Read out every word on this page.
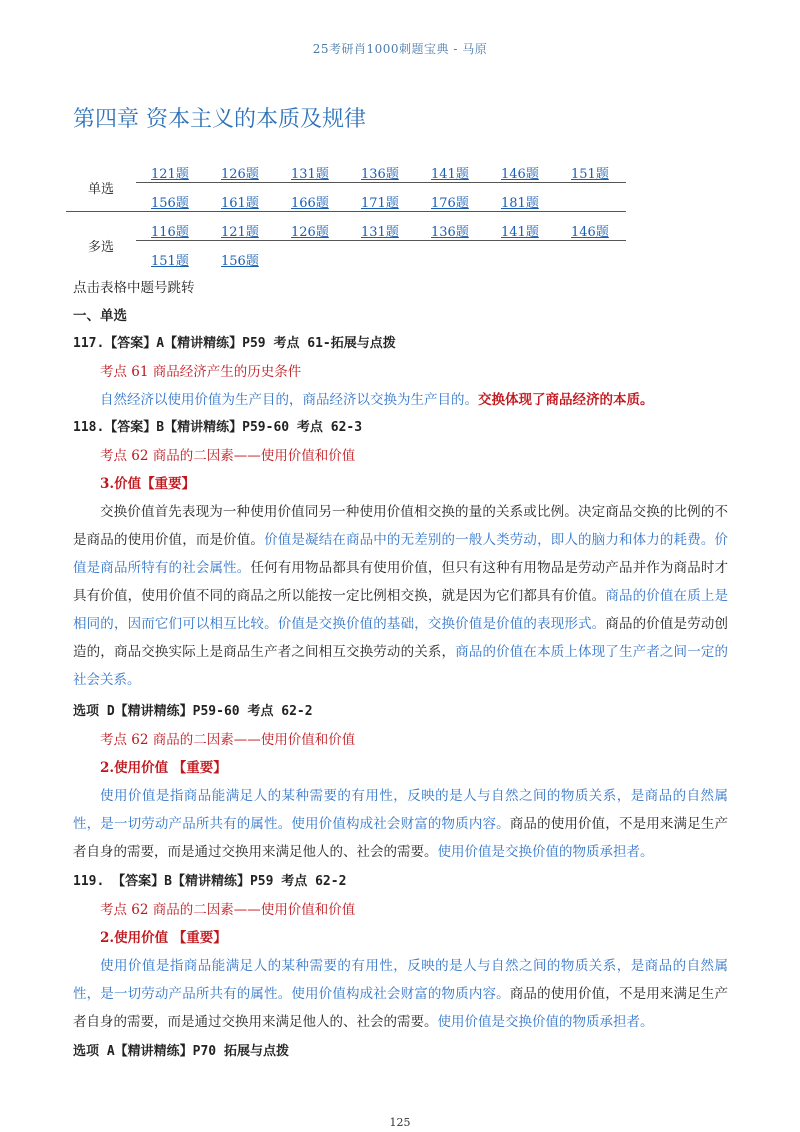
25考研肖1000刺题宝典 - 马原
第四章 资本主义的本质及规律
单选	121题	126题	131题	136题	141题	146题	151题
	156题	161题	166题	171题	176题	181题	
多选	116题	121题	126题	131题	136题	141题	146题
	151题	156题					
点击表格中题号跳转
一、单选
117.【答案】A【精讲精练】P59 考点 61-拓展与点拨
考点 61 商品经济产生的历史条件
自然经济以使用价值为生产目的，商品经济以交换为生产目的。交换体现了商品经济的本质。
118.【答案】B【精讲精练】P59-60 考点 62-3
考点 62 商品的二因素——使用价值和价值
3.价值【重要】
交换价值首先表现为一种使用价值同另一种使用价值相交换的量的关系或比例。决定商品交换的比例的不是商品的使用价值，而是价值。价值是凝结在商品中的无差别的一般人类劳动，即人的脑力和体力的耗费。价值是商品所特有的社会属性。任何有用物品都具有使用价值，但只有这种有用物品是劳动产品并作为商品时才具有价值，使用价值不同的商品之所以能按一定比例相交换，就是因为它们都具有价值。商品的价值在质上是相同的，因而它们可以相互比较。价值是交换价值的基础，交换价值是价值的表现形式。商品的价值是劳动创造的，商品交换实际上是商品生产者之间相互交换劳动的关系，商品的价值在本质上体现了生产者之间一定的社会关系。
选项 D【精讲精练】P59-60 考点 62-2
考点 62 商品的二因素——使用价值和价值
2.使用价值 【重要】
使用价值是指商品能满足人的某种需要的有用性，反映的是人与自然之间的物质关系，是商品的自然属性，是一切劳动产品所共有的属性。使用价值构成社会财富的物质内容。商品的使用价值，不是用来满足生产者自身的需要，而是通过交换用来满足他人的、社会的需要。使用价值是交换价值的物质承担者。
119. 【答案】B【精讲精练】P59 考点 62-2
考点 62 商品的二因素——使用价值和价值
2.使用价值 【重要】
使用价值是指商品能满足人的某种需要的有用性，反映的是人与自然之间的物质关系，是商品的自然属性，是一切劳动产品所共有的属性。使用价值构成社会财富的物质内容。商品的使用价值，不是用来满足生产者自身的需要，而是通过交换用来满足他人的、社会的需要。使用价值是交换价值的物质承担者。
选项 A【精讲精练】P70 拓展与点拨
125
